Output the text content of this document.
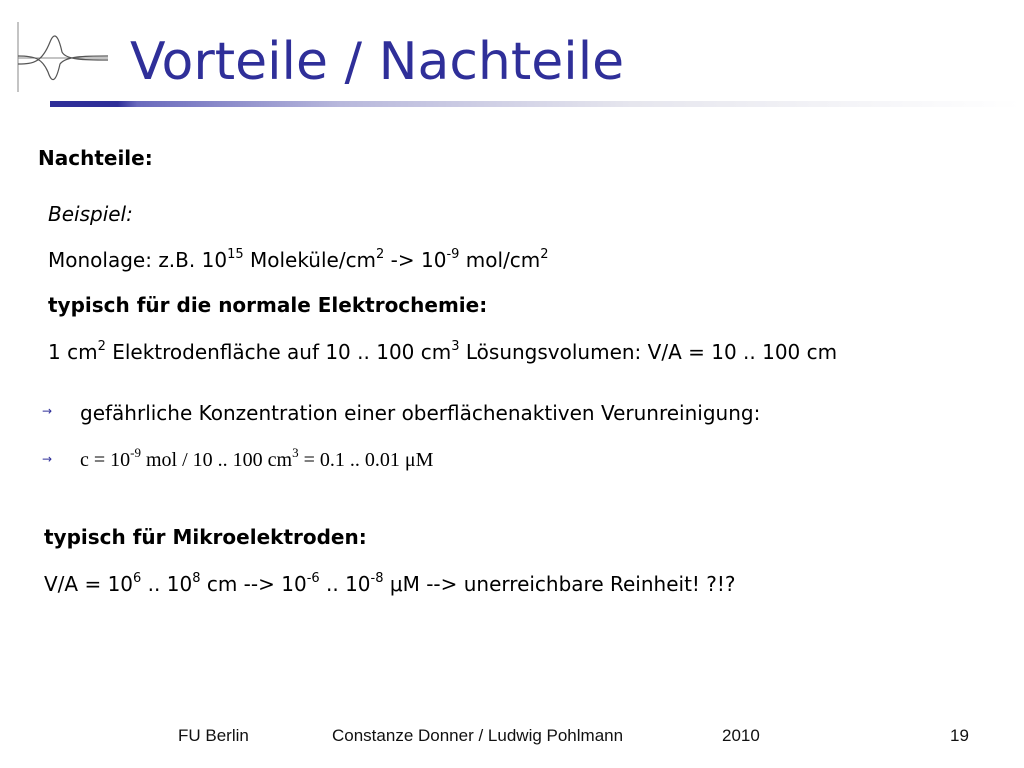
Vorteile / Nachteile
Nachteile:
Beispiel:
Monolage: z.B. $10^{15}$ Moleküle/$cm^2 -> 10^{-9}$ mol/$cm^2$
typisch für die normale Elektrochemie:
1 $cm^2$ Elektrodenfläche auf 10 .. 100 $cm^3$ Lösungsvolumen: V/A = 10 .. 100 cm
→ gefährliche Konzentration einer oberflächenaktiven Verunreinigung:
→ $c = 10^{-9}$ mol / 10 .. 100 $cm^3 = 0.1$ .. 0.01 μM
typisch für Mikroelektroden:
$V/A = 10^6$ .. $10^8$ cm --> $10^{-6}$ .. $10^{-8}$ μM --> unerreichbare Reinheit! ?!?
FU Berlin	Constanze Donner / Ludwig Pohlmann	2010	19
